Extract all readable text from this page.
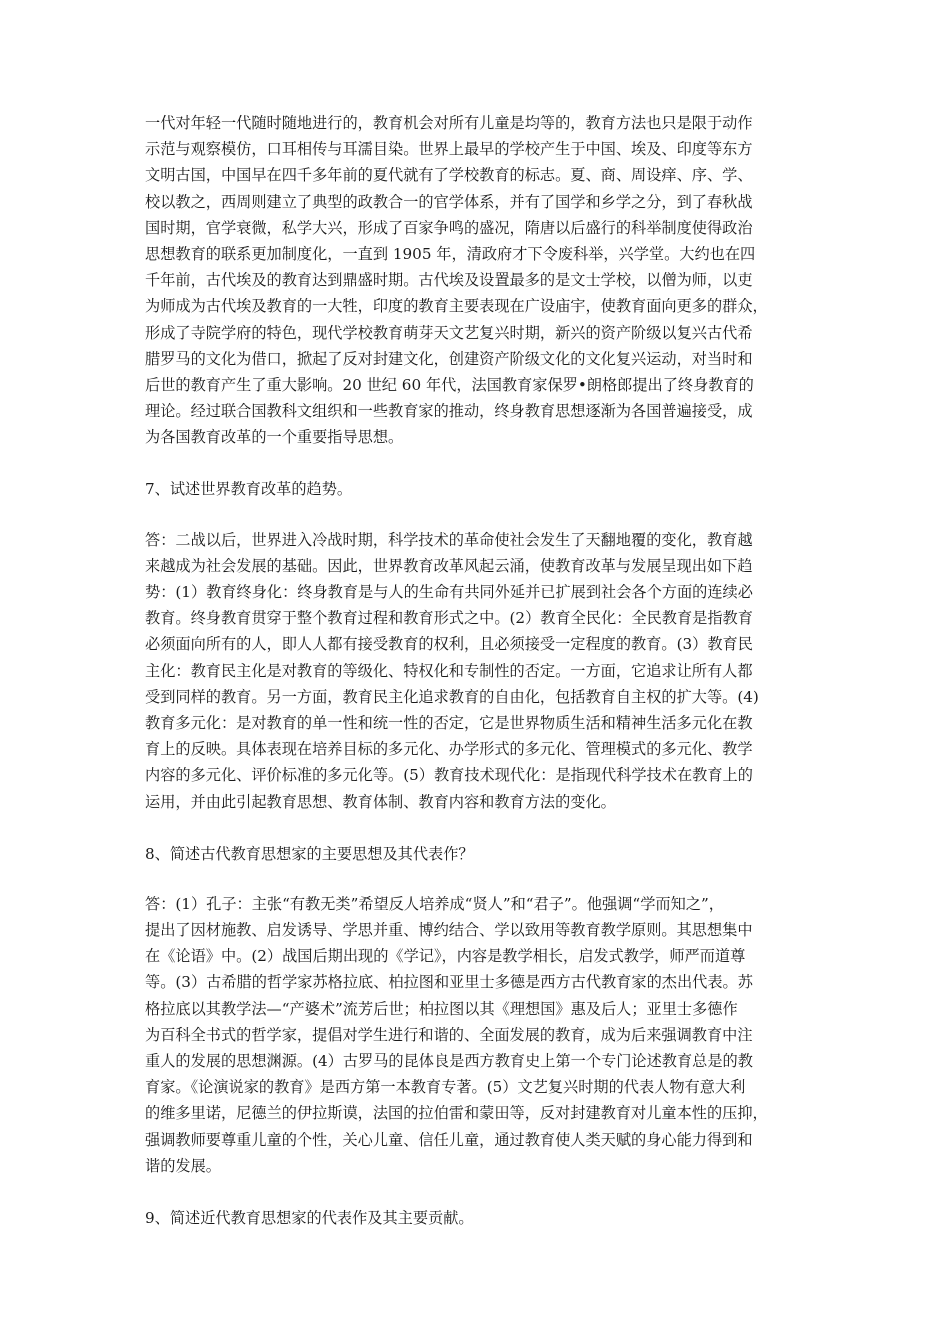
一代对年轻一代随时随地进行的，教育机会对所有儿童是均等的，教育方法也只是限于动作
示范与观察模仿，口耳相传与耳濡目染。世界上最早的学校产生于中国、埃及、印度等东方
文明古国，中国早在四千多年前的夏代就有了学校教育的标志。夏、商、周设痒、序、学、
校以教之，西周则建立了典型的政教合一的官学体系，并有了国学和乡学之分，到了春秋战
国时期，官学衰微，私学大兴，形成了百家争鸣的盛况，隋唐以后盛行的科举制度使得政治
思想教育的联系更加制度化，一直到 1905 年，清政府才下令废科举，兴学堂。大约也在四
千年前，古代埃及的教育达到鼎盛时期。古代埃及设置最多的是文士学校，以僧为师，以吏
为师成为古代埃及教育的一大牲，印度的教育主要表现在广设庙宇，使教育面向更多的群众，
形成了寺院学府的特色，现代学校教育萌芽天文艺复兴时期，新兴的资产阶级以复兴古代希
腊罗马的文化为借口，掀起了反对封建文化，创建资产阶级文化的文化复兴运动，对当时和
后世的教育产生了重大影响。20 世纪 60 年代，法国教育家保罗•朗格郎提出了终身教育的
理论。经过联合国教科文组织和一些教育家的推动，终身教育思想逐渐为各国普遍接受，成
为各国教育改革的一个重要指导思想。
7、试述世界教育改革的趋势。
答：二战以后，世界进入冷战时期，科学技术的革命使社会发生了天翻地覆的变化，教育越
来越成为社会发展的基础。因此，世界教育改革风起云涌，使教育改革与发展呈现出如下趋
势：(1）教育终身化：终身教育是与人的生命有共同外延并已扩展到社会各个方面的连续必
教育。终身教育贯穿于整个教育过程和教育形式之中。(2）教育全民化：全民教育是指教育
必须面向所有的人，即人人都有接受教育的权利，且必须接受一定程度的教育。(3）教育民
主化：教育民主化是对教育的等级化、特权化和专制性的否定。一方面，它追求让所有人都
受到同样的教育。另一方面，教育民主化追求教育的自由化，包括教育自主权的扩大等。(4)
教育多元化：是对教育的单一性和统一性的否定，它是世界物质生活和精神生活多元化在教
育上的反映。具体表现在培养目标的多元化、办学形式的多元化、管理模式的多元化、教学
内容的多元化、评价标准的多元化等。(5）教育技术现代化：是指现代科学技术在教育上的
运用，并由此引起教育思想、教育体制、教育内容和教育方法的变化。
8、简述古代教育思想家的主要思想及其代表作？
答：(1）孔子：主张“有教无类”希望反人培养成“贤人”和“君子”。他强调“学而知之”，
提出了因材施教、启发诱导、学思并重、博约结合、学以致用等教育教学原则。其思想集中
在《论语》中。(2）战国后期出现的《学记》，内容是教学相长，启发式教学，师严而道尊
等。(3）古希腊的哲学家苏格拉底、柏拉图和亚里士多德是西方古代教育家的杰出代表。苏
格拉底以其教学法—“产婆术”流芳后世；柏拉图以其《理想国》惠及后人；亚里士多德作
为百科全书式的哲学家，提倡对学生进行和谐的、全面发展的教育，成为后来强调教育中注
重人的发展的思想渊源。(4）古罗马的昆体良是西方教育史上第一个专门论述教育总是的教
育家。《论演说家的教育》是西方第一本教育专著。(5）文艺复兴时期的代表人物有意大利
的维多里诺，尼德兰的伊拉斯谟，法国的拉伯雷和蒙田等，反对封建教育对儿童本性的压抑，
强调教师要尊重儿童的个性，关心儿童、信任儿童，通过教育使人类天赋的身心能力得到和
谐的发展。
9、简述近代教育思想家的代表作及其主要贡献。
